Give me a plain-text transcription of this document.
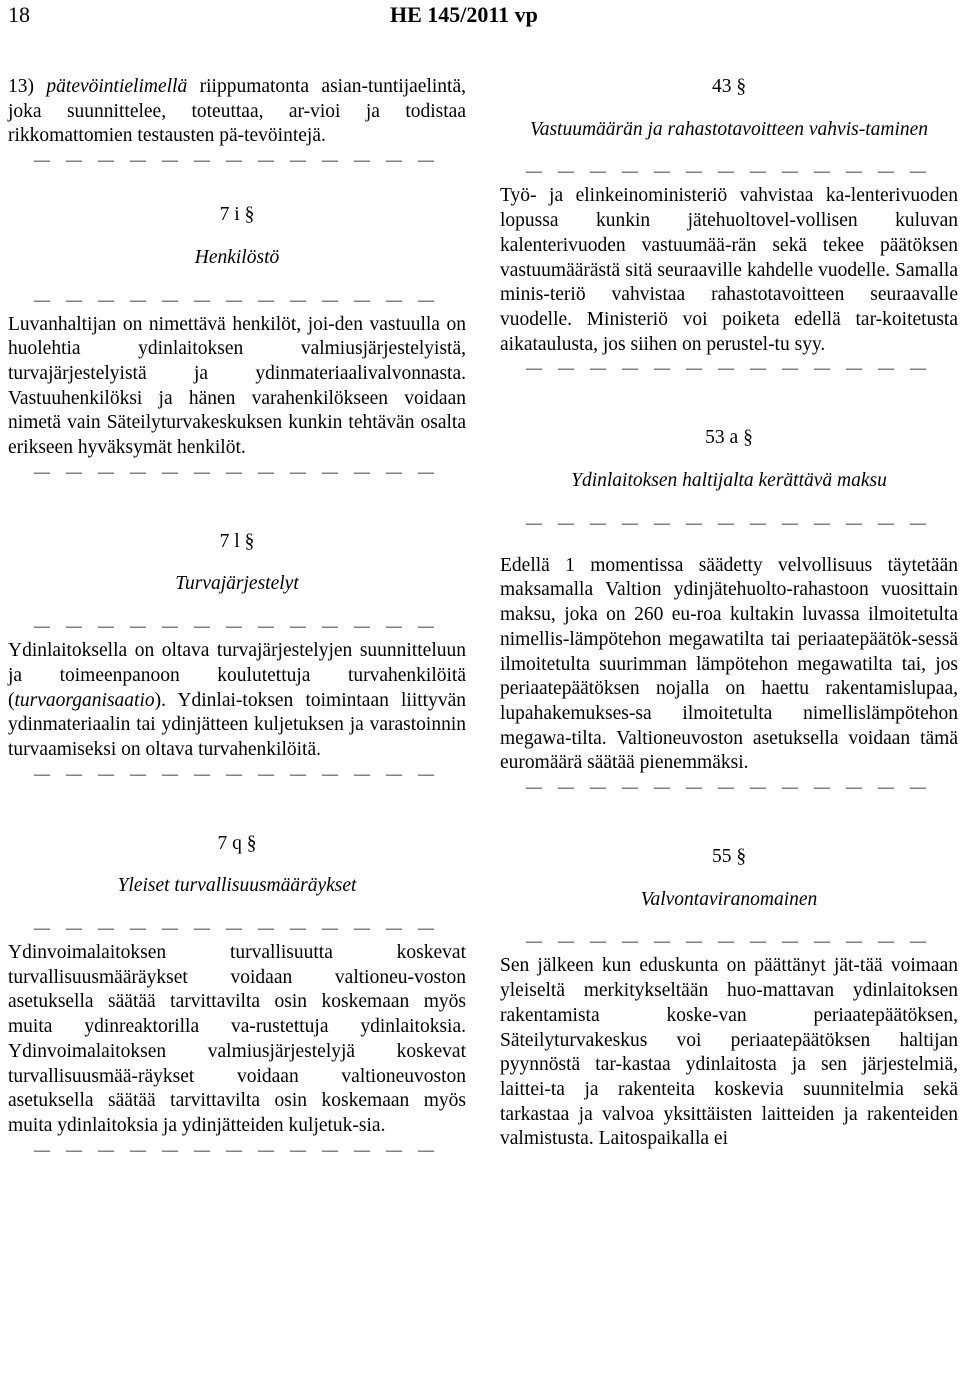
18	HE 145/2011 vp

13) pätevöintielimellä riippumatonta asian-tuntijaelintä, joka suunnittelee, toteuttaa, ar-vioi ja todistaa rikkomattomien testausten pä-tevöintejä.

— — — — — — — — — — — — —

7 i §

Henkilöstö

— — — — — — — — — — — — —

Luvanhaltijan on nimettävä henkilöt, joi-den vastuulla on huolehtia ydinlaitoksen valmiusjärjestelyistä, turvajärjestelyistä ja ydinmateriaalivalvonnasta. Vastuuhenkilöksi ja hänen varahenkilökseen voidaan nimetä vain Säteilyturvakeskuksen kunkin tehtävän osalta erikseen hyväksymät henkilöt.

— — — — — — — — — — — — —

7 l §

Turvajärjestelyt

— — — — — — — — — — — — —

Ydinlaitoksella on oltava turvajärjestelyjen suunnitteluun ja toimeenpanoon koulutettuja turvahenkilöitä (turvaorganisaatio). Ydinlai-toksen toimintaan liittyvän ydinmateriaalin tai ydinjätteen kuljetuksen ja varastoinnin turvaamiseksi on oltava turvahenkilöitä.

— — — — — — — — — — — — —

7 q §

Yleiset turvallisuusmääräykset

— — — — — — — — — — — — —

Ydinvoimalaitoksen turvallisuutta koskevat turvallisuusmääräykset voidaan valtioneu-voston asetuksella säätää tarvittavilta osin koskemaan myös muita ydinreaktorilla va-rustettuja ydinlaitoksia. Ydinvoimalaitoksen valmiusjärjestelyjä koskevat turvallisuusmää-räykset voidaan valtioneuvoston asetuksella säätää tarvittavilta osin koskemaan myös muita ydinlaitoksia ja ydinjätteiden kuljetuk-sia.

— — — — — — — — — — — — —

43 §

Vastuumäärän ja rahastotavoitteen vahvis-taminen

— — — — — — — — — — — — —

Työ- ja elinkeinoministeriö vahvistaa ka-lenterivuoden lopussa kunkin jätehuoltovel-vollisen kuluvan kalenterivuoden vastuumää-rän sekä tekee päätöksen vastuumäärästä sitä seuraaville kahdelle vuodelle. Samalla minis-teriö vahvistaa rahastotavoitteen seuraavalle vuodelle. Ministeriö voi poiketa edellä tar-koitetusta aikataulusta, jos siihen on perustel-tu syy.

— — — — — — — — — — — — —

53 a §

Ydinlaitoksen haltijalta kerättävä maksu

— — — — — — — — — — — — —

Edellä 1 momentissa säädetty velvollisuus täytetään maksamalla Valtion ydinjätehuolto-rahastoon vuosittain maksu, joka on 260 eu-roa kultakin luvassa ilmoitetulta nimellis-lämpötehon megawatilta tai periaatepäätök-sessä ilmoitetulta suurimman lämpötehon megawatilta tai, jos periaatepäätöksen nojalla on haettu rakentamislupaa, lupahakemukses-sa ilmoitetulta nimellislämpötehon megawa-tilta. Valtioneuvoston asetuksella voidaan tämä euromäärä säätää pienemmäksi.

— — — — — — — — — — — — —

55 §

Valvontaviranomainen

— — — — — — — — — — — — —

Sen jälkeen kun eduskunta on päättänyt jät-tää voimaan yleiseltä merkitykseltään huo-mattavan ydinlaitoksen rakentamista koske-van periaatepäätöksen, Säteilyturvakeskus voi periaatepäätöksen haltijan pyynnöstä tar-kastaa ydinlaitosta ja sen järjestelmiä, laittei-ta ja rakenteita koskevia suunnitelmia sekä tarkastaa ja valvoa yksittäisten laitteiden ja rakenteiden valmistusta. Laitospaikalla ei
